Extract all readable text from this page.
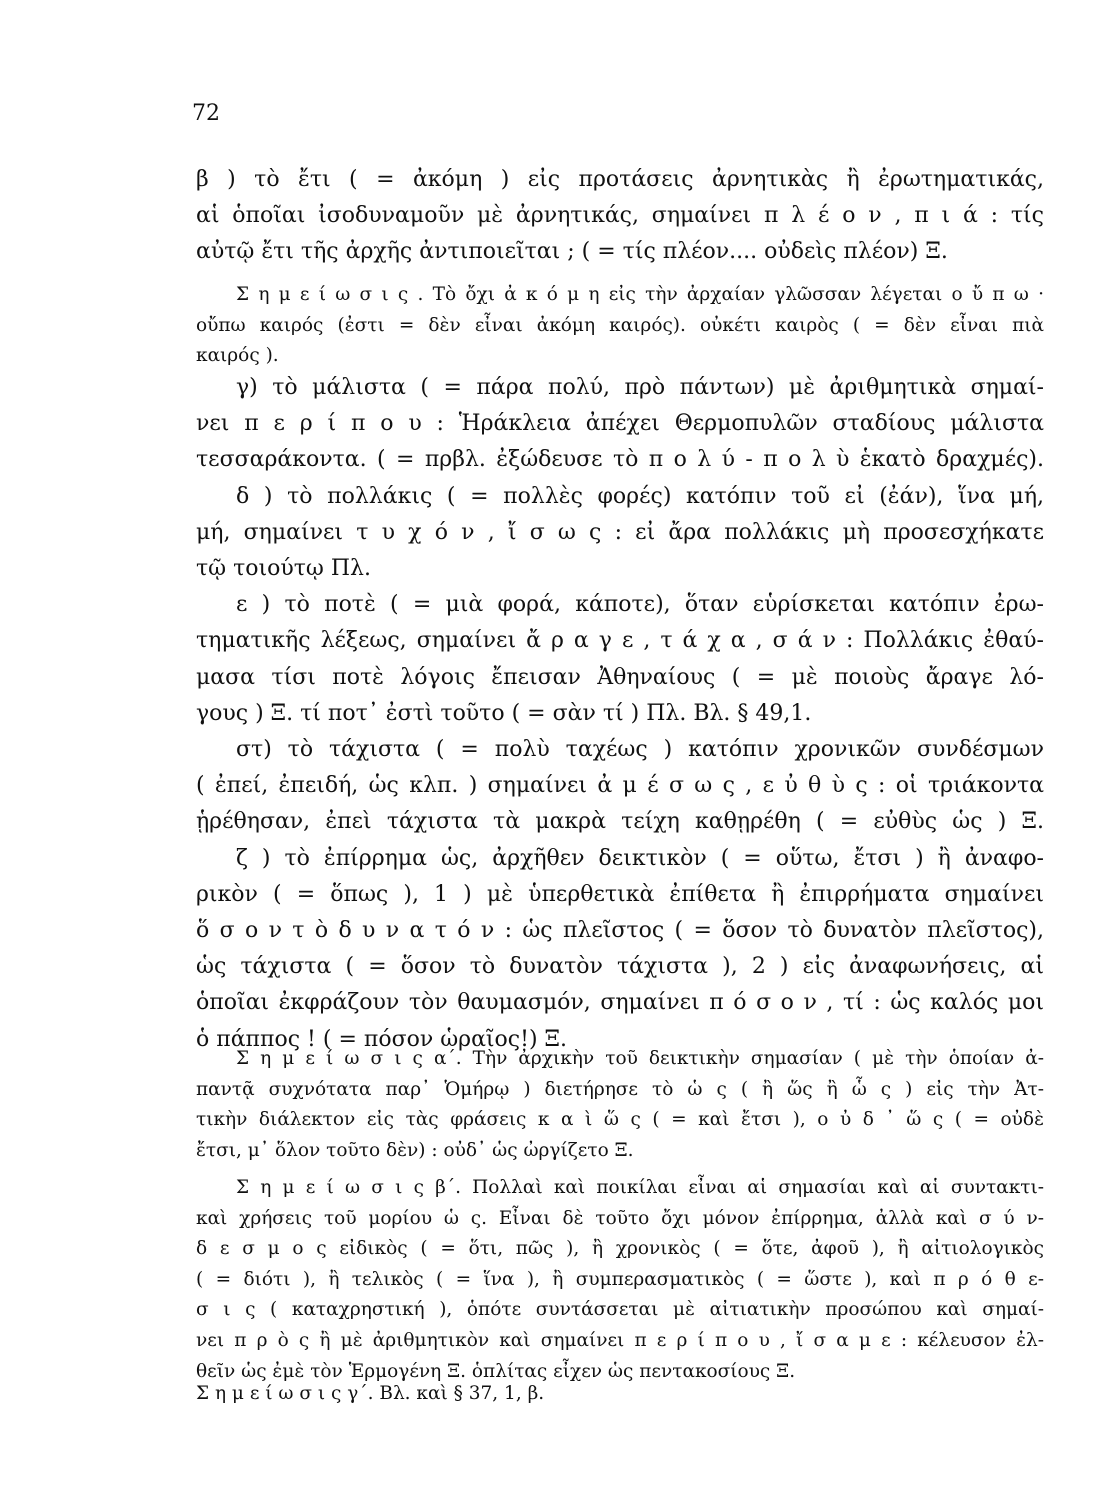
72
β ) τὸ ἔτι ( = ἀκόμη ) εἰς προτάσεις ἀρνητικὰς ἢ ἐρωτηματικάς,
αἱ ὁποῖαι ἰσοδυναμοῦν μὲ ἀρνητικάς, σημαίνει π λ έ ο ν , π ι ά : τίς
αὐτῷ ἔτι τῆς ἀρχῆς ἀντιποιεῖται ; ( = τίς πλέον.... οὐδεὶς πλέον) Ξ.
Σ η μ ε ί ω σ ι ς . Τὸ ὄχι ἀ κ ό μ η εἰς τὴν ἀρχαίαν γλῶσσαν λέγεται ο ὔ π ω ·
οὔπω καιρός (ἐστι = δὲν εἶναι ἀκόμη καιρός). οὐκέτι καιρὸς ( = δὲν εἶναι πιὰ
καιρός ).
γ) τὸ μάλιστα ( = πάρα πολύ, πρὸ πάντων) μὲ ἀριθμητικὰ σημαί-
νει π ε ρ ί π ο υ : Ἡράκλεια ἀπέχει Θερμοπυλῶν σταδίους μάλιστα
τεσσαράκοντα. ( = πρβλ. ἐξώδευσε τὸ π ο λ ύ - π ο λ ὺ ἑκατὸ δραχμές).
δ ) τὸ πολλάκις ( = πολλὲς φορές) κατόπιν τοῦ εἰ (ἐάν), ἵνα μή,
μή, σημαίνει τ υ χ ό ν , ἴ σ ω ς : εἰ ἄρα πολλάκις μὴ προσεσχήκατε
τῷ τοιούτῳ Πλ.
ε ) τὸ ποτὲ ( = μιὰ φορά, κάποτε), ὅταν εὑρίσκεται κατόπιν ἐρω-
τηματικῆς λέξεως, σημαίνει ἄ ρ α γ ε , τ ά χ α , σ ά ν : Πολλάκις ἐθαύ-
μασα τίσι ποτὲ λόγοις ἔπεισαν Ἀθηναίους ( = μὲ ποιοὺς ἄραγε λό-
γους ) Ξ. τί ποτ᾽ ἐστὶ τοῦτο ( = σὰν τί ) Πλ. Βλ. § 49,1.
στ) τὸ τάχιστα ( = πολὺ ταχέως ) κατόπιν χρονικῶν συνδέσμων
( ἐπεί, ἐπειδή, ὡς κλπ. ) σημαίνει ἀ μ έ σ ω ς , ε ὐ θ ὺ ς : οἱ τριάκοντα
ᾑρέθησαν, ἐπεὶ τάχιστα τὰ μακρὰ τείχη καθῃρέθη ( = εὐθὺς ὡς ) Ξ.
ζ ) τὸ ἐπίρρημα ὡς, ἀρχῆθεν δεικτικὸν ( = οὕτω, ἔτσι ) ἢ ἀναφο-
ρικὸν ( = ὅπως ), 1 ) μὲ ὑπερθετικὰ ἐπίθετα ἢ ἐπιρρήματα σημαίνει
ὅ σ ο ν τ ὸ δ υ ν α τ ό ν : ὡς πλεῖστος ( = ὅσον τὸ δυνατὸν πλεῖστος),
ὡς τάχιστα ( = ὅσον τὸ δυνατὸν τάχιστα ), 2 ) εἰς ἀναφωνήσεις, αἱ
ὁποῖαι ἐκφράζουν τὸν θαυμασμόν, σημαίνει π ό σ ο ν , τί : ὡς καλός μοι
ὁ πάππος ! ( = πόσον ὡραῖος!) Ξ.
Σ η μ ε ί ω σ ι ς α΄. Τὴν ἀρχικὴν τοῦ δεικτικὴν σημασίαν ( μὲ τὴν ὁποίαν ἀ-
παντᾷ συχνότατα παρ᾽ Ὁμήρῳ ) διετήρησε τὸ ὡ ς ( ἢ ὥς ἢ ὧ ς ) εἰς τὴν Ἀτ-
τικὴν διάλεκτον εἰς τὰς φράσεις κ α ὶ ὥ ς ( = καὶ ἔτσι ), ο ὐ δ ᾽ ὥ ς ( = οὐδὲ
ἔτσι, μ᾽ ὅλον τοῦτο δὲν) : οὐδ᾽ ὡς ὠργίζετο Ξ.
Σ η μ ε ί ω σ ι ς β΄. Πολλαὶ καὶ ποικίλαι εἶναι αἱ σημασίαι καὶ αἱ συντακτι-
καὶ χρήσεις τοῦ μορίου ὡ ς. Εἶναι δὲ τοῦτο ὄχι μόνον ἐπίρρημα, ἀλλὰ καὶ σ ύ ν-
δ ε σ μ ο ς εἰδικὸς ( = ὅτι, πῶς ), ἢ χρονικὸς ( = ὅτε, ἀφοῦ ), ἢ αἰτιολογικὸς
( = διότι ), ἢ τελικὸς ( = ἵνα ), ἢ συμπερασματικὸς ( = ὥστε ), καὶ π ρ ό θ ε-
σ ι ς ( καταχρηστική ), ὁπότε συντάσσεται μὲ αἰτιατικὴν προσώπου καὶ σημαί-
νει π ρ ὸ ς ἢ μὲ ἀριθμητικὸν καὶ σημαίνει π ε ρ ί π ο υ , ἴ σ α μ ε : κέλευσον ἐλ-
θεῖν ὡς ἐμὲ τὸν Ἑρμογένη Ξ. ὁπλίτας εἶχεν ὡς πεντακοσίους Ξ.
Σ η μ ε ί ω σ ι ς γ΄. Βλ. καὶ § 37, 1, β.
